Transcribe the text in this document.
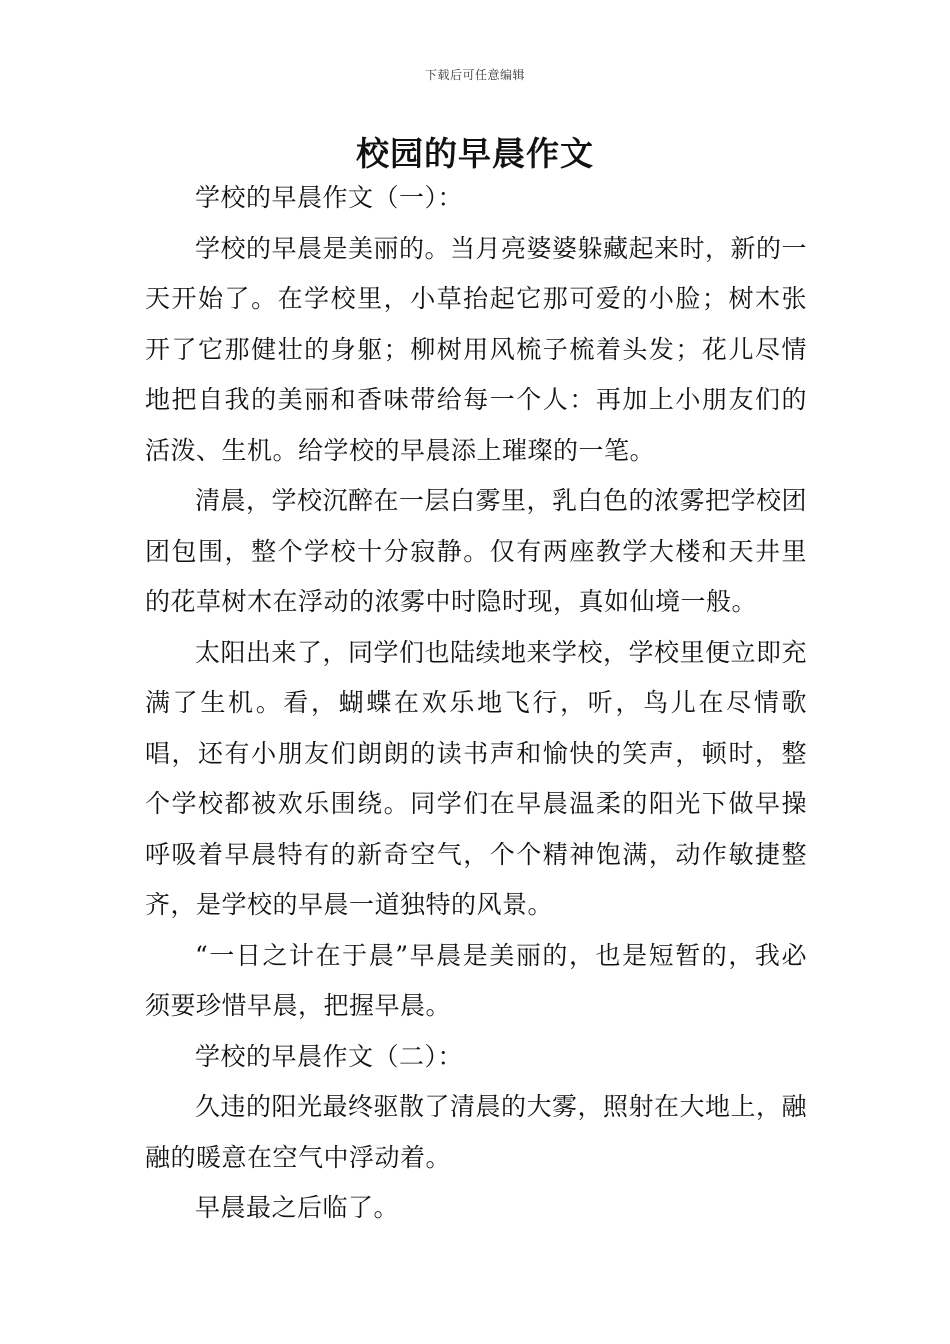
下载后可任意编辑
校园的早晨作文

学校的早晨作文（一）：

学校的早晨是美丽的。当月亮婆婆躲藏起来时，新的一天开始了。在学校里，小草抬起它那可爱的小脸；树木张开了它那健壮的身躯；柳树用风梳子梳着头发；花儿尽情地把自我的美丽和香味带给每一个人：再加上小朋友们的活泼、生机。给学校的早晨添上璀璨的一笔。

清晨，学校沉醉在一层白雾里，乳白色的浓雾把学校团团包围，整个学校十分寂静。仅有两座教学大楼和天井里的花草树木在浮动的浓雾中时隐时现，真如仙境一般。

太阳出来了，同学们也陆续地来学校，学校里便立即充满了生机。看，蝴蝶在欢乐地飞行，听，鸟儿在尽情歌唱，还有小朋友们朗朗的读书声和愉快的笑声，顿时，整个学校都被欢乐围绕。同学们在早晨温柔的阳光下做早操呼吸着早晨特有的新奇空气，个个精神饱满，动作敏捷整齐，是学校的早晨一道独特的风景。

“一日之计在于晨”早晨是美丽的，也是短暂的，我必须要珍惜早晨，把握早晨。

学校的早晨作文（二）：

久违的阳光最终驱散了清晨的大雾，照射在大地上，融融的暖意在空气中浮动着。

早晨最之后临了。
